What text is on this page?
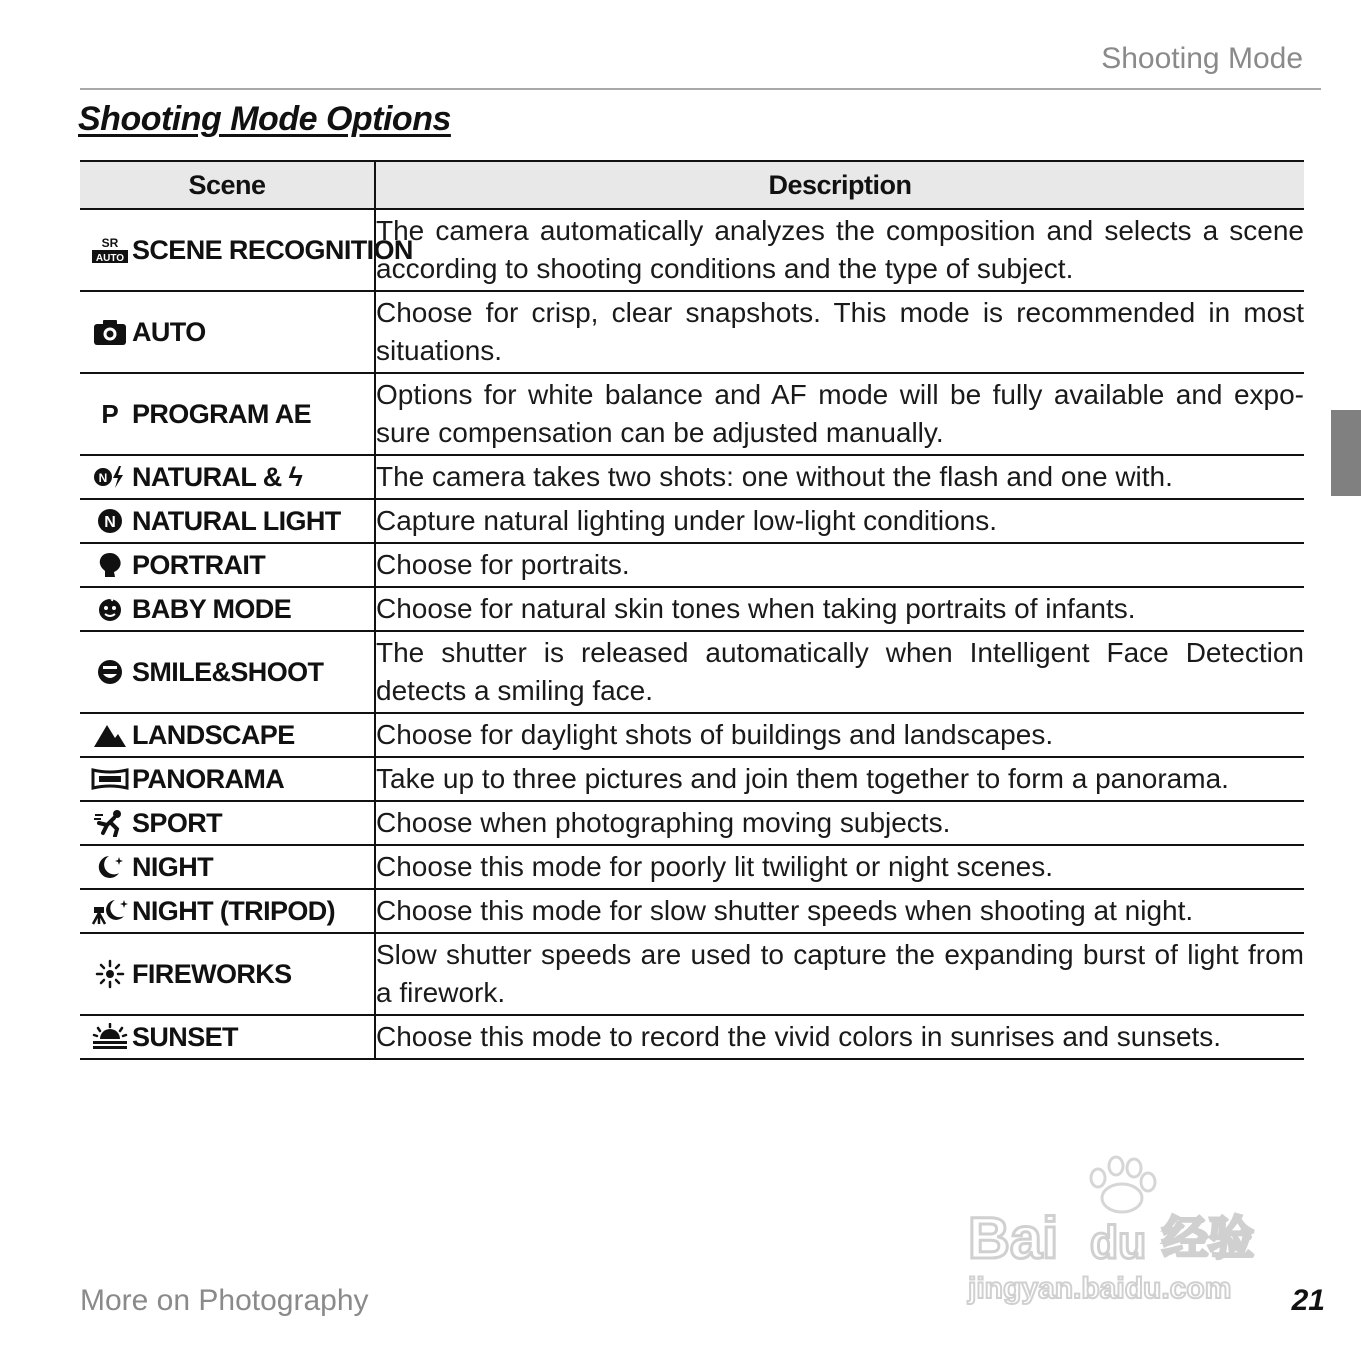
Shooting Mode
Shooting Mode Options
Scene	Description

SR
AUTO SCENE RECOGNITION	The camera automatically analyzes the composition and selects a scene according to shooting conditions and the type of subject.

AUTO	Choose for crisp, clear snapshots. This mode is recommended in most situations.

P PROGRAM AE	Options for white balance and AF mode will be fully available and expo-sure compensation can be adjusted manually.

N NATURAL & ϟ	The camera takes two shots: one without the flash and one with.

N NATURAL LIGHT	Capture natural lighting under low-light conditions.

PORTRAIT	Choose for portraits.

BABY MODE	Choose for natural skin tones when taking portraits of infants.

SMILE&SHOOT	The shutter is released automatically when Intelligent Face Detection detects a smiling face.

LANDSCAPE	Choose for daylight shots of buildings and landscapes.

PANORAMA	Take up to three pictures and join them together to form a panorama.

SPORT	Choose when photographing moving subjects.

NIGHT	Choose this mode for poorly lit twilight or night scenes.

NIGHT (TRIPOD)	Choose this mode for slow shutter speeds when shooting at night.

FIREWORKS	Slow shutter speeds are used to capture the expanding burst of light from a firework.

SUNSET	Choose this mode to record the vivid colors in sunrises and sunsets.
More on Photography	21
Bai du 经验
jingyan.baidu.com
